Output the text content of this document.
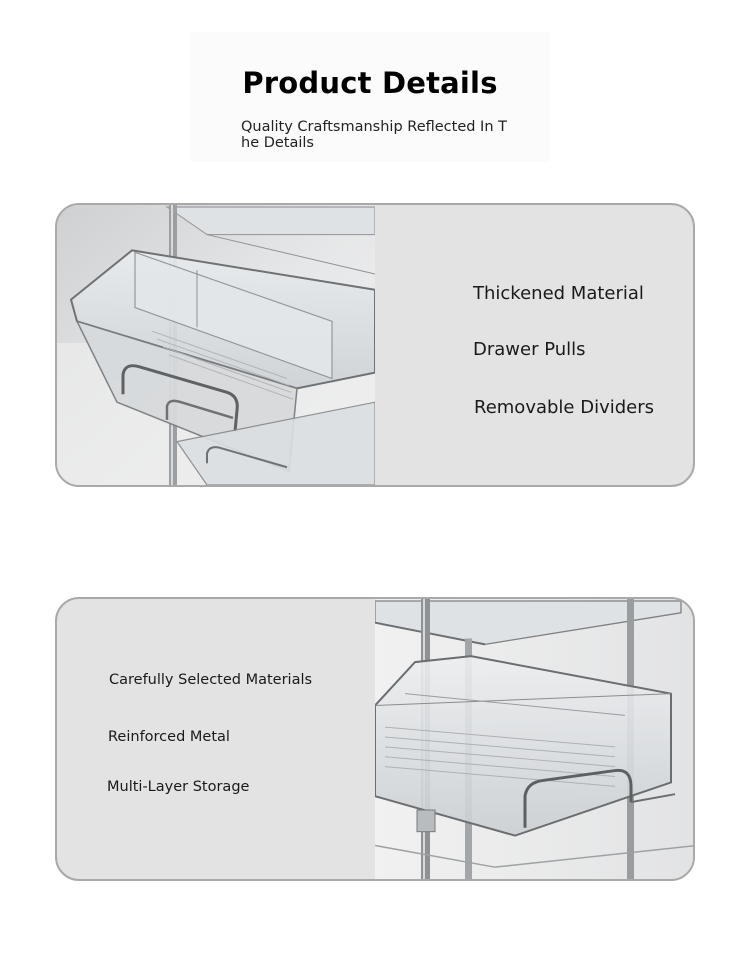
Product Details
Quality Craftsmanship Reflected In The Details
Thickened Material
Drawer Pulls
Removable Dividers
Carefully Selected Materials
Reinforced Metal
Multi-Layer Storage
